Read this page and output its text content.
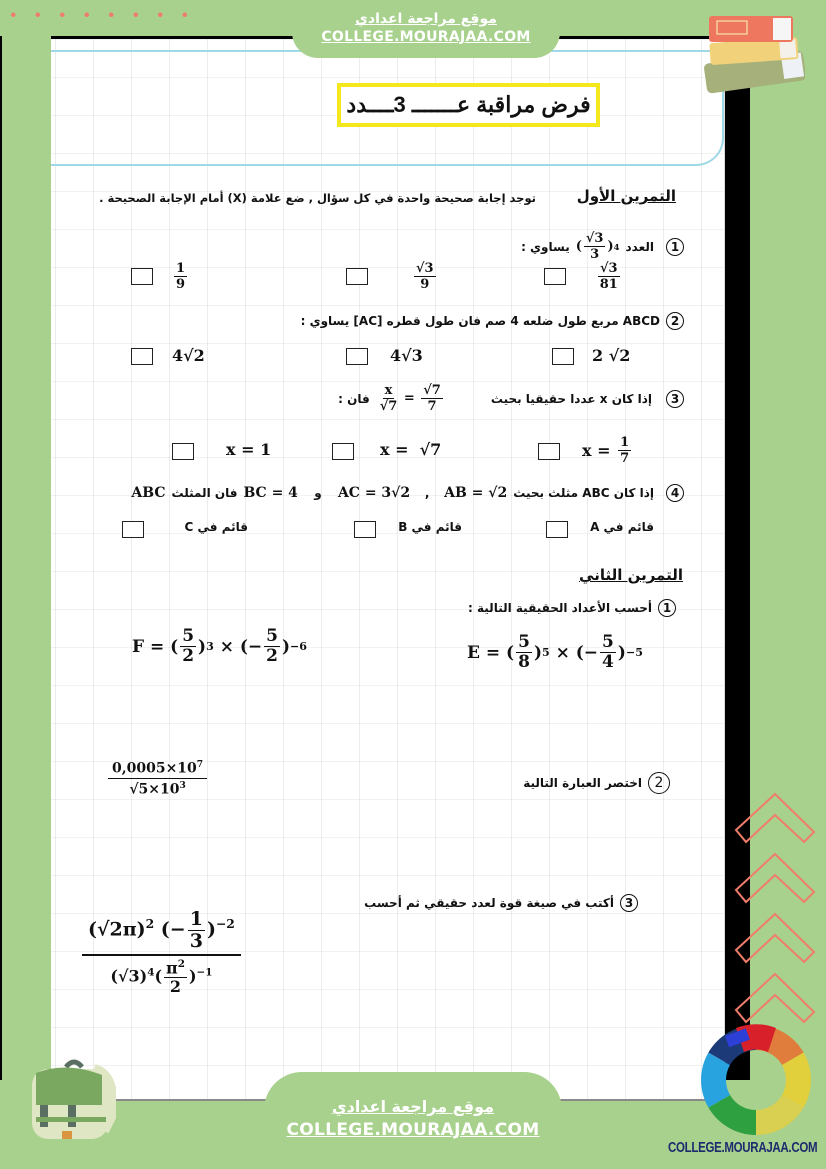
موقع مراجعة اعدادي
COLLEGE.MOURAJAA.COM
فرض مراقبة عـــــــ 3ــــدد
التمرين الأول
توجد إجابة صحيحة واحدة في كل سؤال , ضع علامة (X) أمام الإجابة الصحيحة .
1
العدد
( $\frac{√3}{3}$ ) 4
يساوي :
$\frac{√3}{81}$
$\frac{√3}{9}$
$\frac{1}{9}$
2
ABCD مربع طول ضلعه 4 صم فان طول قطره [AC] يساوي :
2 √2
4√3
4√2
3
إذا كان x عددا حقيقيا بحيث
$\frac{x}{√7} = \frac{√7}{7}$
فان :
$x = \frac{1}{7}$
x =  √7
x = 1
4
إذا كان ABC مثلث بحيث
AB = √2
,
AC = 3√2
و
BC = 4
فان المثلث
ABC
قائم في A
قائم في B
قائم في C
التمرين الثاني
1
أحسب الأعداد الحقيقية التالية :
E = ( $\frac{5}{8}$ ) 5 × (− $\frac{5}{4}$ ) −5
F = ( $\frac{5}{2}$ ) 3 × (− $\frac{5}{2}$ ) −6
2
اختصر العبارة التالية
$\frac{0,0005\times 10^7}{√5\times 10^3}$
3
أكتب في صيغة قوة لعدد حقيقي ثم أحسب
$\frac{(√2\pi)^2 (- \frac{1}{3} )^{-2}}{(√3)^4( \frac{\pi^2}{2} )^{-1}}$
COLLEGE.MOURAJAA.COM
موقع مراجعة اعدادي
COLLEGE.MOURAJAA.COM
